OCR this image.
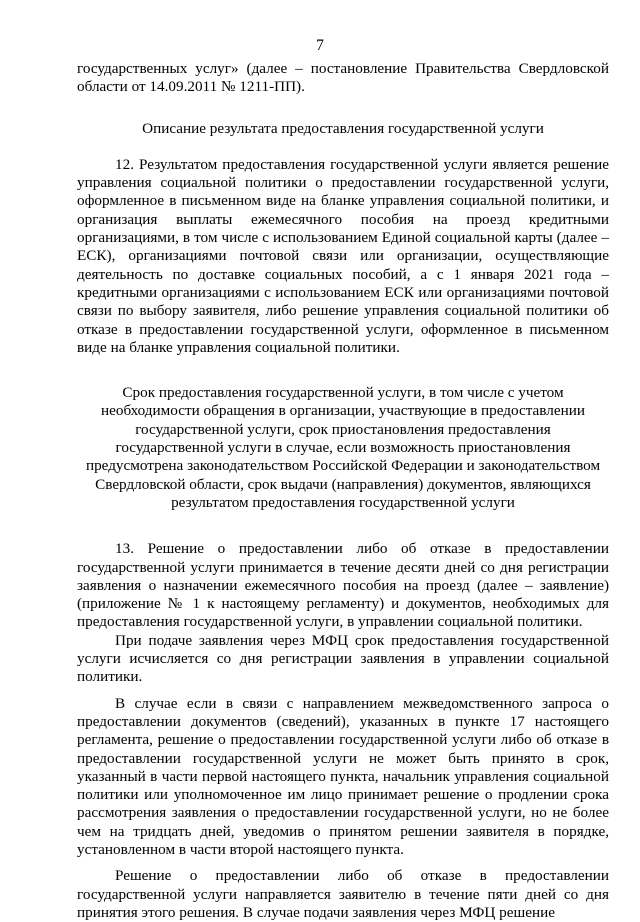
7

государственных услуг» (далее – постановление Правительства Свердловской области от 14.09.2011 № 1211-ПП).

Описание результата предоставления государственной услуги

12. Результатом предоставления государственной услуги является решение управления социальной политики о предоставлении государственной услуги, оформленное в письменном виде на бланке управления социальной политики, и организация выплаты ежемесячного пособия на проезд кредитными организациями, в том числе с использованием Единой социальной карты (далее – ЕСК), организациями почтовой связи или организации, осуществляющие деятельность по доставке социальных пособий, а с 1 января 2021 года – кредитными организациями с использованием ЕСК или организациями почтовой связи по выбору заявителя, либо решение управления социальной политики об отказе в предоставлении государственной услуги, оформленное в письменном виде на бланке управления социальной политики.

Срок предоставления государственной услуги, в том числе с учетом необходимости обращения в организации, участвующие в предоставлении государственной услуги, срок приостановления предоставления государственной услуги в случае, если возможность приостановления предусмотрена законодательством Российской Федерации и законодательством Свердловской области, срок выдачи (направления) документов, являющихся результатом предоставления государственной услуги

13. Решение о предоставлении либо об отказе в предоставлении государственной услуги принимается в течение десяти дней со дня регистрации заявления о назначении ежемесячного пособия на проезд (далее – заявление) (приложение № 1 к настоящему регламенту) и документов, необходимых для предоставления государственной услуги, в управлении социальной политики.

При подаче заявления через МФЦ срок предоставления государственной услуги исчисляется со дня регистрации заявления в управлении социальной политики.

В случае если в связи с направлением межведомственного запроса о предоставлении документов (сведений), указанных в пункте 17 настоящего регламента, решение о предоставлении государственной услуги либо об отказе в предоставлении государственной услуги не может быть принято в срок, указанный в части первой настоящего пункта, начальник управления социальной политики или уполномоченное им лицо принимает решение о продлении срока рассмотрения заявления о предоставлении государственной услуги, но не более чем на тридцать дней, уведомив о принятом решении заявителя в порядке, установленном в части второй настоящего пункта.

Решение о предоставлении либо об отказе в предоставлении государственной услуги направляется заявителю в течение пяти дней со дня принятия этого решения. В случае подачи заявления через МФЦ решение
